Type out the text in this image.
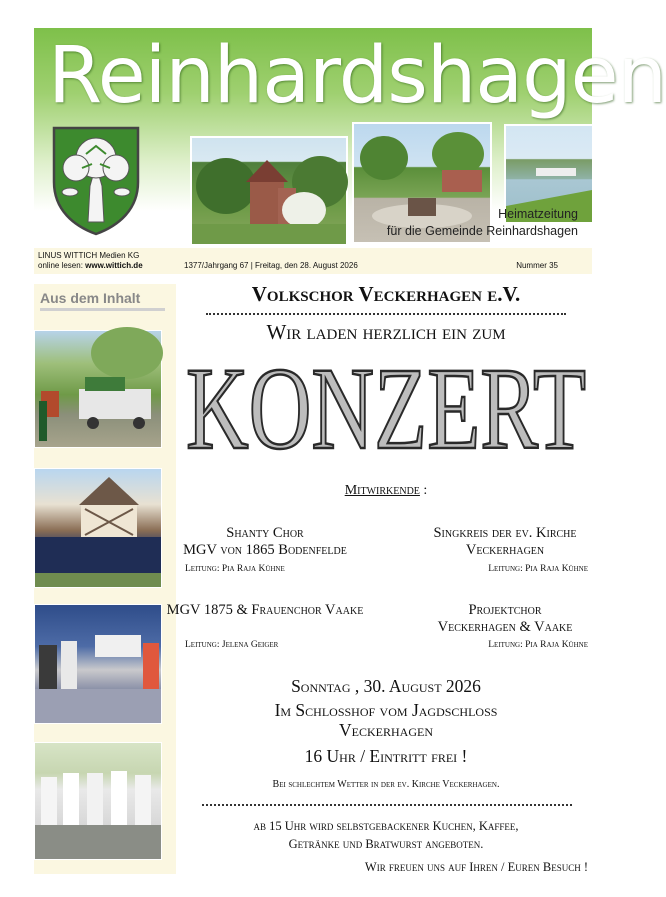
Reinhardshagen
Heimatzeitung
für die Gemeinde Reinhardshagen
LINUS WITTICH Medien KG
online lesen: www.wittich.de	1377/Jahrgang 67 | Freitag, den 28. August 2026	Nummer 35
Aus dem Inhalt	Volkschor Veckerhagen e.V.
Wir laden herzlich ein zum
KONZERT
Mitwirkende :
Shanty Chor
MGV von 1865 Bodenfelde
Leitung: Pia Raja Kühne
Singkreis der ev. Kirche
Veckerhagen
Leitung: Pia Raja Kühne
MGV 1875 & Frauenchor Vaake
Leitung: Jelena Geiger
Projektchor
Veckerhagen & Vaake
Leitung: Pia Raja Kühne
Sonntag , 30. August 2026
Im Schlosshof vom Jagdschloss
Veckerhagen
16 Uhr / Eintritt frei !
Bei schlechtem Wetter in der ev. Kirche Veckerhagen.
ab 15 Uhr wird selbstgebackener Kuchen, Kaffee,
Getränke und Bratwurst angeboten.
Wir freuen uns auf Ihren / Euren Besuch !
